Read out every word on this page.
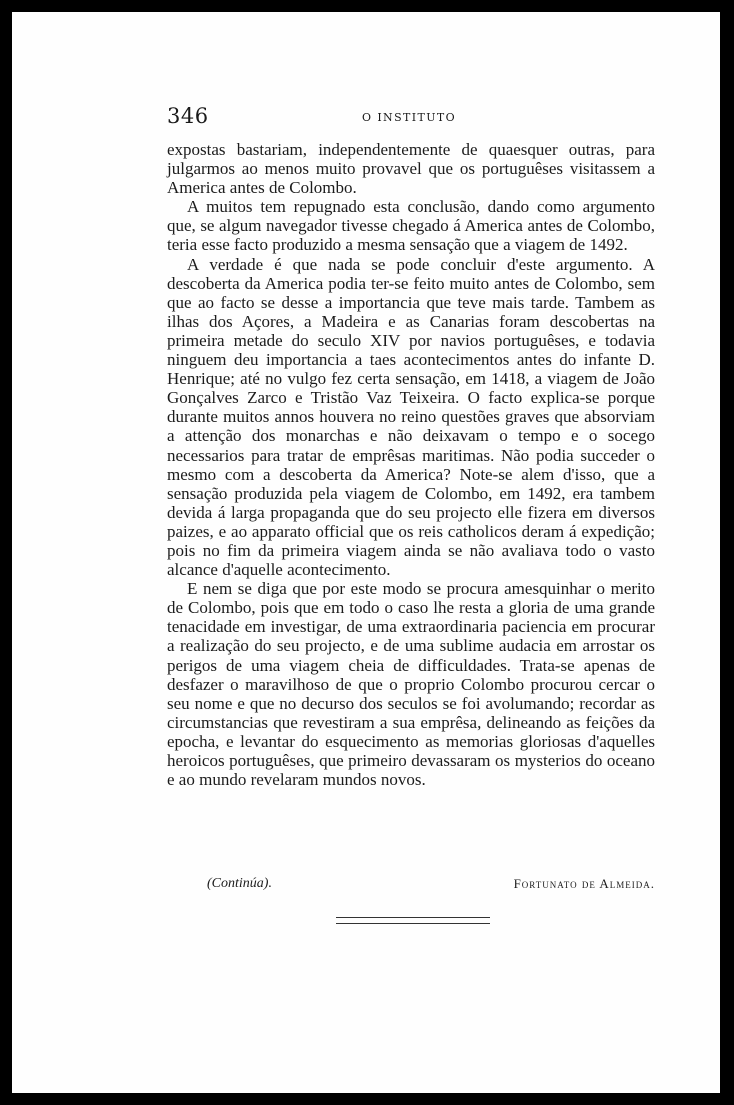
346	O INSTITUTO

expostas bastariam, independentemente de quaesquer outras, para julgarmos ao menos muito provavel que os portuguêses visitassem a America antes de Colombo.

A muitos tem repugnado esta conclusão, dando como argumento que, se algum navegador tivesse chegado á America antes de Colombo, teria esse facto produzido a mesma sensação que a viagem de 1492.

A verdade é que nada se pode concluir d'este argumento. A descoberta da America podia ter-se feito muito antes de Colombo, sem que ao facto se desse a importancia que teve mais tarde. Tambem as ilhas dos Açores, a Madeira e as Canarias foram descobertas na primeira metade do seculo XIV por navios portuguêses, e todavia ninguem deu importancia a taes acontecimentos antes do infante D. Henrique; até no vulgo fez certa sensação, em 1418, a viagem de João Gonçalves Zarco e Tristão Vaz Teixeira. O facto explica-se porque durante muitos annos houvera no reino questões graves que absorviam a attenção dos monarchas e não deixavam o tempo e o socego necessarios para tratar de emprêsas maritimas. Não podia succeder o mesmo com a descoberta da America? Note-se alem d'isso, que a sensação produzida pela viagem de Colombo, em 1492, era tambem devida á larga propaganda que do seu projecto elle fizera em diversos paizes, e ao apparato official que os reis catholicos deram á expedição; pois no fim da primeira viagem ainda se não avaliava todo o vasto alcance d'aquelle acontecimento.

E nem se diga que por este modo se procura amesquinhar o merito de Colombo, pois que em todo o caso lhe resta a gloria de uma grande tenacidade em investigar, de uma extraordinaria paciencia em procurar a realização do seu projecto, e de uma sublime audacia em arrostar os perigos de uma viagem cheia de difficuldades. Trata-se apenas de desfazer o maravilhoso de que o proprio Colombo procurou cercar o seu nome e que no decurso dos seculos se foi avolumando; recordar as circumstancias que revestiram a sua emprêsa, delineando as feições da epocha, e levantar do esquecimento as memorias gloriosas d'aquelles heroicos portuguêses, que primeiro devassaram os mysterios do oceano e ao mundo revelaram mundos novos.

(Continúa).	Fortunato de Almeida.
